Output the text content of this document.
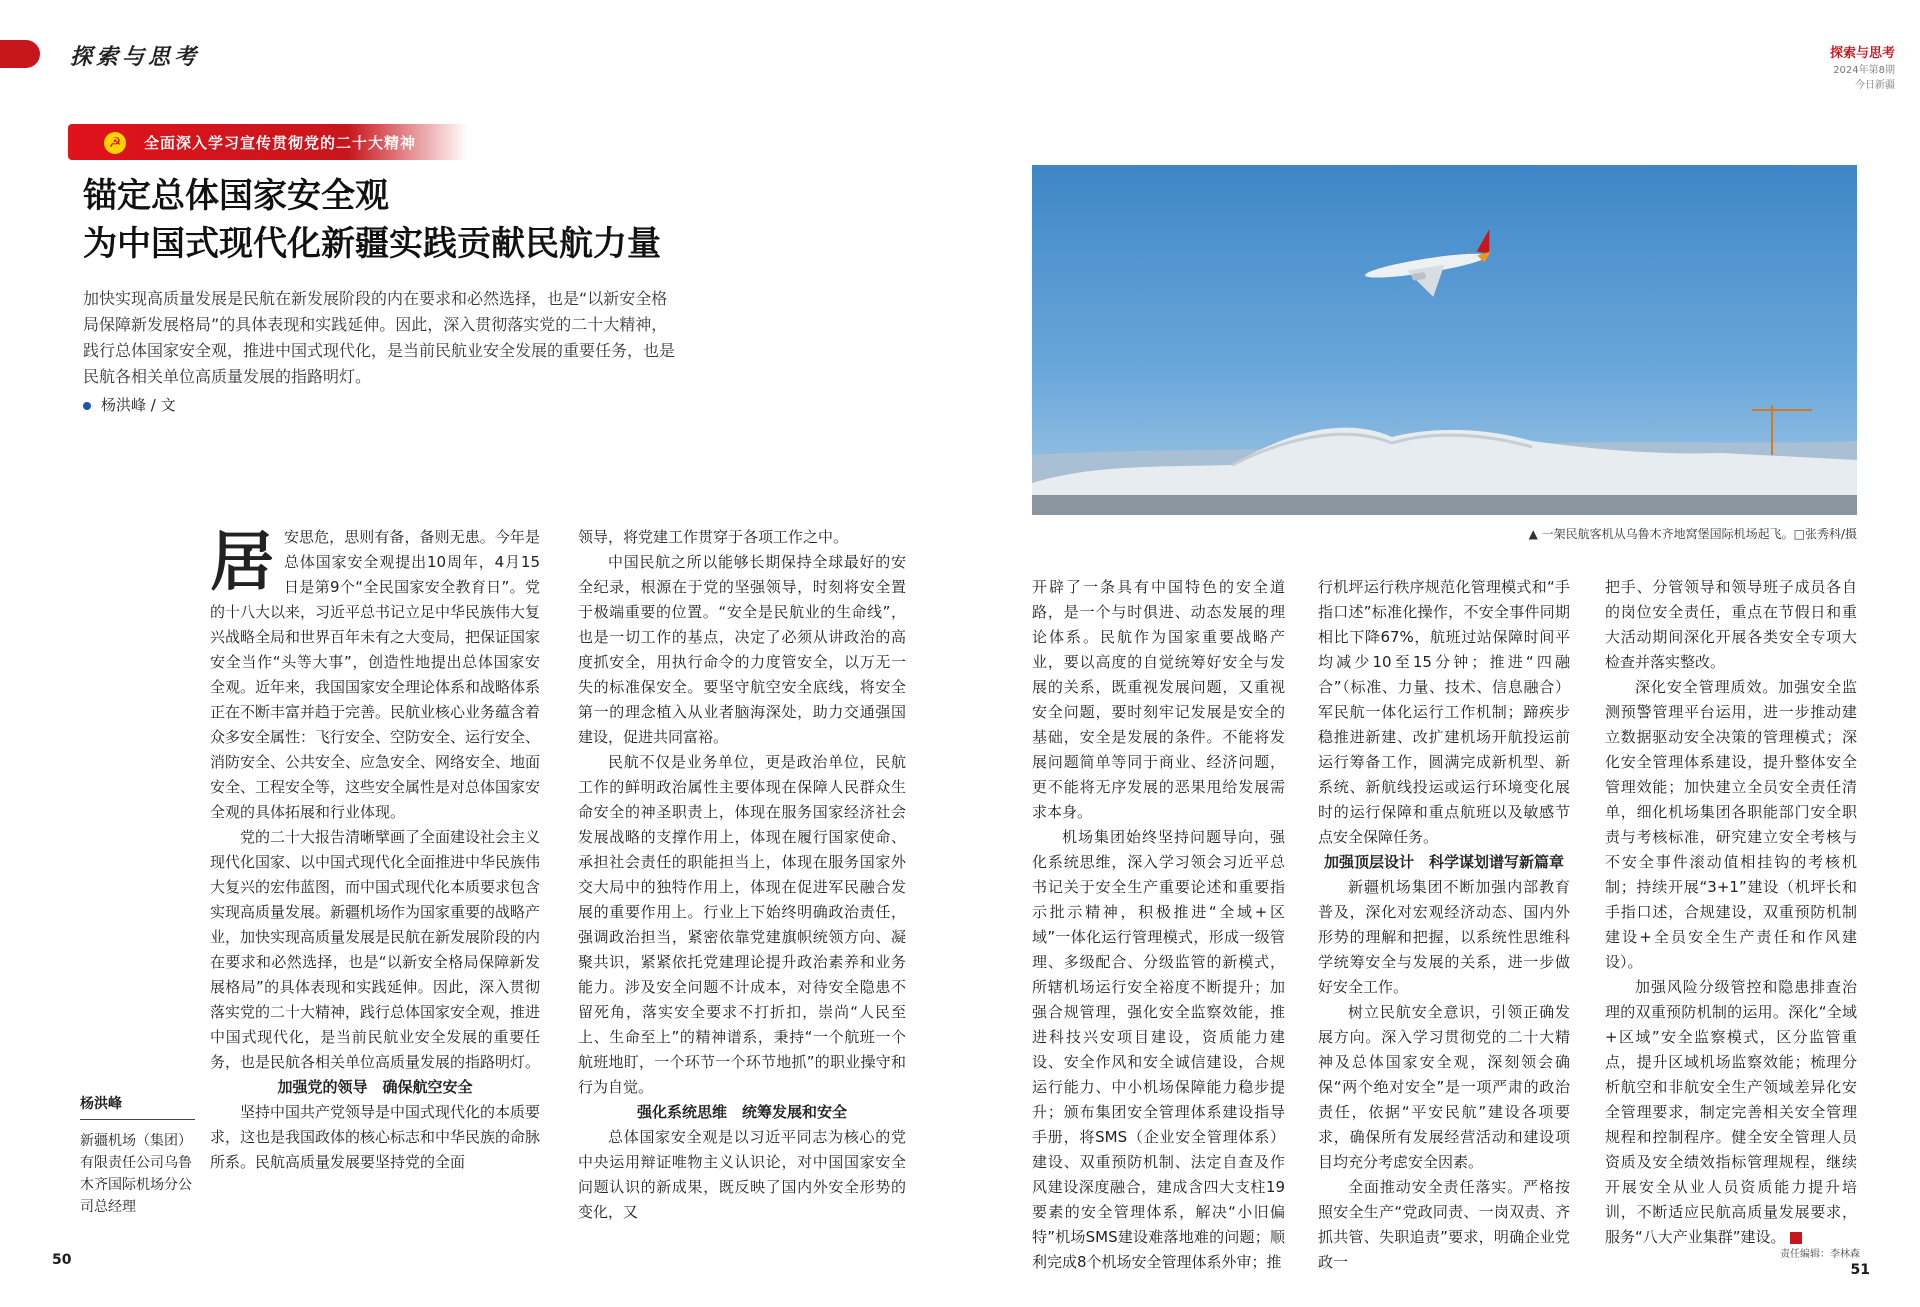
探索与思考	探索与思考
2024年第8期
今日新疆
☭	全面深入学习宣传贯彻党的二十大精神
锚定总体国家安全观
为中国式现代化新疆实践贡献民航力量
加快实现高质量发展是民航在新发展阶段的内在要求和必然选择，也是“以新安全格局保障新发展格局”的具体表现和实践延伸。因此，深入贯彻落实党的二十大精神，践行总体国家安全观，推进中国式现代化，是当前民航业安全发展的重要任务，也是民航各相关单位高质量发展的指路明灯。
杨洪峰 / 文
▲ 一架民航客机从乌鲁木齐地窝堡国际机场起飞。□张秀科/摄
居 安思危，思则有备，备则无患。今年是总体国家安全观提出10周年，4月15日是第9个“全民国家安全教育日”。党的十八大以来，习近平总书记立足中华民族伟大复兴战略全局和世界百年未有之大变局，把保证国家安全当作“头等大事”，创造性地提出总体国家安全观。近年来，我国国家安全理论体系和战略体系正在不断丰富并趋于完善。民航业核心业务蕴含着众多安全属性：飞行安全、空防安全、运行安全、消防安全、公共安全、应急安全、网络安全、地面安全、工程安全等，这些安全属性是对总体国家安全观的具体拓展和行业体现。

党的二十大报告清晰擘画了全面建设社会主义现代化国家、以中国式现代化全面推进中华民族伟大复兴的宏伟蓝图，而中国式现代化本质要求包含实现高质量发展。新疆机场作为国家重要的战略产业，加快实现高质量发展是民航在新发展阶段的内在要求和必然选择，也是“以新安全格局保障新发展格局”的具体表现和实践延伸。因此，深入贯彻落实党的二十大精神，践行总体国家安全观，推进中国式现代化，是当前民航业安全发展的重要任务，也是民航各相关单位高质量发展的指路明灯。

加强党的领导　确保航空安全

坚持中国共产党领导是中国式现代化的本质要求，这也是我国政体的核心标志和中华民族的命脉所系。民航高质量发展要坚持党的全面

杨洪峰
新疆机场（集团）有限责任公司乌鲁木齐国际机场分公司总经理

领导，将党建工作贯穿于各项工作之中。

中国民航之所以能够长期保持全球最好的安全纪录，根源在于党的坚强领导，时刻将安全置于极端重要的位置。“安全是民航业的生命线”，也是一切工作的基点，决定了必须从讲政治的高度抓安全，用执行命令的力度管安全，以万无一失的标准保安全。要坚守航空安全底线，将安全第一的理念植入从业者脑海深处，助力交通强国建设，促进共同富裕。

民航不仅是业务单位，更是政治单位，民航工作的鲜明政治属性主要体现在保障人民群众生命安全的神圣职责上，体现在服务国家经济社会发展战略的支撑作用上，体现在履行国家使命、承担社会责任的职能担当上，体现在服务国家外交大局中的独特作用上，体现在促进军民融合发展的重要作用上。行业上下始终明确政治责任，强调政治担当，紧密依靠党建旗帜统领方向、凝聚共识，紧紧依托党建理论提升政治素养和业务能力。涉及安全问题不计成本，对待安全隐患不留死角，落实安全要求不打折扣，崇尚“人民至上、生命至上”的精神谱系，秉持“一个航班一个航班地盯，一个环节一个环节地抓”的职业操守和行为自觉。

强化系统思维　统筹发展和安全

总体国家安全观是以习近平同志为核心的党中央运用辩证唯物主义认识论，对中国国家安全问题认识的新成果，既反映了国内外安全形势的变化，又

开辟了一条具有中国特色的安全道路，是一个与时俱进、动态发展的理论体系。民航作为国家重要战略产业，要以高度的自觉统筹好安全与发展的关系，既重视发展问题，又重视安全问题，要时刻牢记发展是安全的基础，安全是发展的条件。不能将发展问题简单等同于商业、经济问题，更不能将无序发展的恶果甩给发展需求本身。

机场集团始终坚持问题导向，强化系统思维，深入学习领会习近平总书记关于安全生产重要论述和重要指示批示精神，积极推进“全域+区域”一体化运行管理模式，形成一级管理、多级配合、分级监管的新模式，所辖机场运行安全裕度不断提升；加强合规管理，强化安全监察效能，推进科技兴安项目建设，资质能力建设、安全作风和安全诚信建设，合规运行能力、中小机场保障能力稳步提升；颁布集团安全管理体系建设指导手册，将SMS（企业安全管理体系）建设、双重预防机制、法定自查及作风建设深度融合，建成含四大支柱19要素的安全管理体系，解决“小旧偏特”机场SMS建设难落地难的问题；顺利完成8个机场安全管理体系外审；推

行机坪运行秩序规范化管理模式和“手指口述”标准化操作，不安全事件同期相比下降67%，航班过站保障时间平均减少10至15分钟；推进“四融合”（标准、力量、技术、信息融合）军民航一体化运行工作机制；蹄疾步稳推进新建、改扩建机场开航投运前运行筹备工作，圆满完成新机型、新系统、新航线投运或运行环境变化展时的运行保障和重点航班以及敏感节点安全保障任务。

加强顶层设计　科学谋划谱写新篇章

新疆机场集团不断加强内部教育普及，深化对宏观经济动态、国内外形势的理解和把握，以系统性思维科学统筹安全与发展的关系，进一步做好安全工作。

树立民航安全意识，引领正确发展方向。深入学习贯彻党的二十大精神及总体国家安全观，深刻领会确保“两个绝对安全”是一项严肃的政治责任，依据“平安民航”建设各项要求，确保所有发展经营活动和建设项目均充分考虑安全因素。

全面推动安全责任落实。严格按照安全生产“党政同责、一岗双责、齐抓共管、失职追责”要求，明确企业党政一

把手、分管领导和领导班子成员各自的岗位安全责任，重点在节假日和重大活动期间深化开展各类安全专项大检查并落实整改。

深化安全管理质效。加强安全监测预警管理平台运用，进一步推动建立数据驱动安全决策的管理模式；深化安全管理体系建设，提升整体安全管理效能；加快建立全员安全责任清单，细化机场集团各职能部门安全职责与考核标准，研究建立安全考核与不安全事件滚动值相挂钩的考核机制；持续开展“3+1”建设（机坪长和手指口述，合规建设，双重预防机制建设+全员安全生产责任和作风建设）。

加强风险分级管控和隐患排查治理的双重预防机制的运用。深化“全域+区域”安全监察模式，区分监管重点，提升区域机场监察效能；梳理分析航空和非航安全生产领域差异化安全管理要求，制定完善相关安全管理规程和控制程序。健全安全管理人员资质及安全绩效指标管理规程，继续开展安全从业人员资质能力提升培训，不断适应民航高质量发展要求，服务“八大产业集群”建设。

50	责任编辑：李林森
51
